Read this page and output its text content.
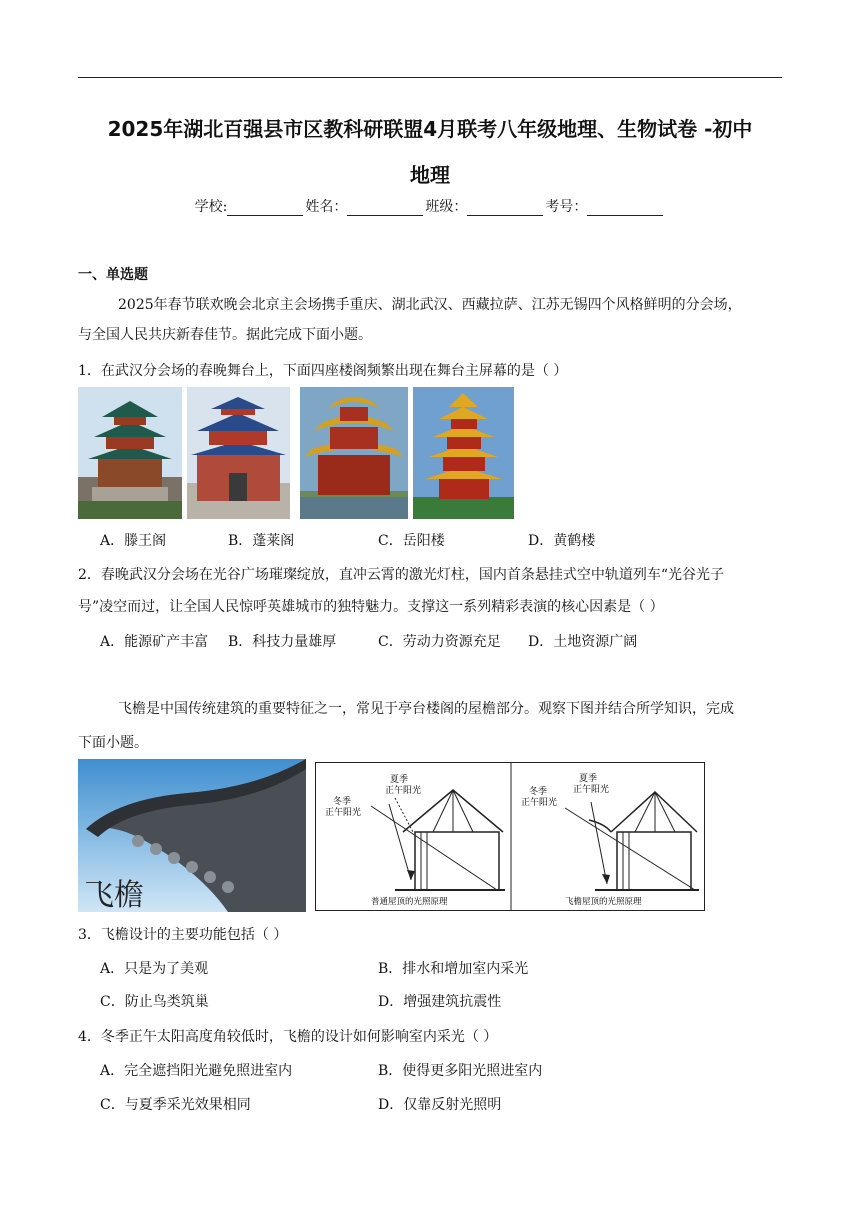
2025年湖北百强县市区教科研联盟4月联考八年级地理、生物试卷 -初中
地理
学校:	姓名：	班级：	考号：
一、单选题
2025年春节联欢晚会北京主会场携手重庆、湖北武汉、西藏拉萨、江苏无锡四个风格鲜明的分会场，
与全国人民共庆新春佳节。据此完成下面小题。
1．在武汉分会场的春晚舞台上，下面四座楼阁频繁出现在舞台主屏幕的是（ ）
A．滕王阁	B．蓬莱阁	C．岳阳楼	D．黄鹤楼
2．春晚武汉分会场在光谷广场璀璨绽放，直冲云霄的激光灯柱，国内首条悬挂式空中轨道列车“光谷光子
号”凌空而过，让全国人民惊呼英雄城市的独特魅力。支撑这一系列精彩表演的核心因素是（ ）
A．能源矿产丰富 B．科技力量雄厚	C．劳动力资源充足 D．土地资源广阔
飞檐是中国传统建筑的重要特征之一，常见于亭台楼阁的屋檐部分。观察下图并结合所学知识，完成
下面小题。
飞檐
夏季
正午阳光
冬季
正午阳光
普通屋顶的光照原理
夏季
正午阳光
冬季
正午阳光
飞檐屋顶的光照原理
3．飞檐设计的主要功能包括（ ）
A．只是为了美观	B．排水和增加室内采光
C．防止鸟类筑巢	D．增强建筑抗震性
4．冬季正午太阳高度角较低时，飞檐的设计如何影响室内采光（ ）
A．完全遮挡阳光避免照进室内	B．使得更多阳光照进室内
C．与夏季采光效果相同	D．仅靠反射光照明
